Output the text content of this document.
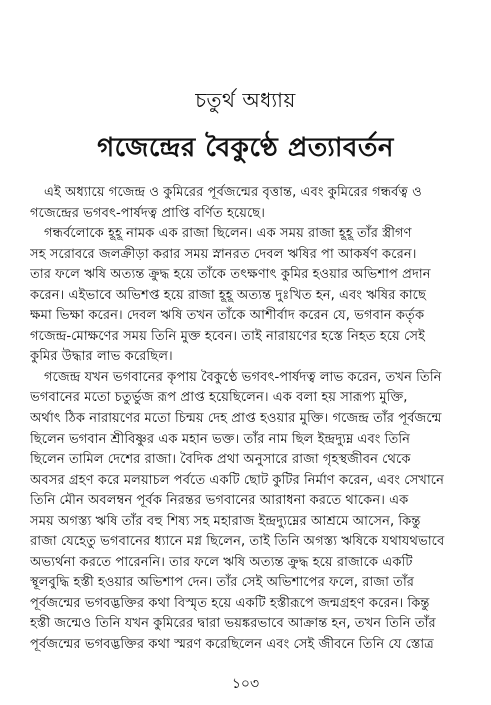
চতুর্থ অধ্যায়
গজেন্দ্রের বৈকুণ্ঠে প্রত্যাবর্তন
এই অধ্যায়ে গজেন্দ্র ও কুমিরের পূর্বজন্মের বৃত্তান্ত, এবং কুমিরের গন্ধর্বত্ব ও
গজেন্দ্রের ভগবৎ-পার্ষদত্ব প্রাপ্তি বর্ণিত হয়েছে।
গন্ধর্বলোকে হূহূ নামক এক রাজা ছিলেন। এক সময় রাজা হূহূ তাঁর স্ত্রীগণ
সহ সরোবরে জলক্রীড়া করার সময় স্নানরত দেবল ঋষির পা আকর্ষণ করেন।
তার ফলে ঋষি অত্যন্ত ক্রুদ্ধ হয়ে তাঁকে তৎক্ষণাৎ কুমির হওয়ার অভিশাপ প্রদান
করেন। এইভাবে অভিশপ্ত হয়ে রাজা হূহূ অত্যন্ত দুঃখিত হন, এবং ঋষির কাছে
ক্ষমা ভিক্ষা করেন। দেবল ঋষি তখন তাঁকে আশীর্বাদ করেন যে, ভগবান কর্তৃক
গজেন্দ্র-মোক্ষণের সময় তিনি মুক্ত হবেন। তাই নারায়ণের হস্তে নিহত হয়ে সেই
কুমির উদ্ধার লাভ করেছিল।
গজেন্দ্র যখন ভগবানের কৃপায় বৈকুণ্ঠে ভগবৎ-পার্ষদত্ব লাভ করেন, তখন তিনি
ভগবানের মতো চতুর্ভুজ রূপ প্রাপ্ত হয়েছিলেন। এক বলা হয় সারূপ্য মুক্তি,
অর্থাৎ ঠিক নারায়ণের মতো চিন্ময় দেহ প্রাপ্ত হওয়ার মুক্তি। গজেন্দ্র তাঁর পূর্বজন্মে
ছিলেন ভগবান শ্রীবিষ্ণুর এক মহান ভক্ত। তাঁর নাম ছিল ইন্দ্রদ্যুম্ন এবং তিনি
ছিলেন তামিল দেশের রাজা। বৈদিক প্রথা অনুসারে রাজা গৃহস্থজীবন থেকে
অবসর গ্রহণ করে মলয়াচল পর্বতে একটি ছোট কুটির নির্মাণ করেন, এবং সেখানে
তিনি মৌন অবলম্বন পূর্বক নিরন্তর ভগবানের আরাধনা করতে থাকেন। এক
সময় অগস্ত্য ঋষি তাঁর বহু শিষ্য সহ মহারাজ ইন্দ্রদ্যুম্নের আশ্রমে আসেন, কিন্তু
রাজা যেহেতু ভগবানের ধ্যানে মগ্ন ছিলেন, তাই তিনি অগস্ত্য ঋষিকে যথাযথভাবে
অভ্যর্থনা করতে পারেননি। তার ফলে ঋষি অত্যন্ত ক্রুদ্ধ হয়ে রাজাকে একটি
স্থূলবুদ্ধি হস্তী হওয়ার অভিশাপ দেন। তাঁর সেই অভিশাপের ফলে, রাজা তাঁর
পূর্বজন্মের ভগবদ্ভক্তির কথা বিস্মৃত হয়ে একটি হস্তীরূপে জন্মগ্রহণ করেন। কিন্তু
হস্তী জন্মেও তিনি যখন কুমিরের দ্বারা ভয়ঙ্করভাবে আক্রান্ত হন, তখন তিনি তাঁর
পূর্বজন্মের ভগবদ্ভক্তির কথা স্মরণ করেছিলেন এবং সেই জীবনে তিনি যে স্তোত্র
১০৩
